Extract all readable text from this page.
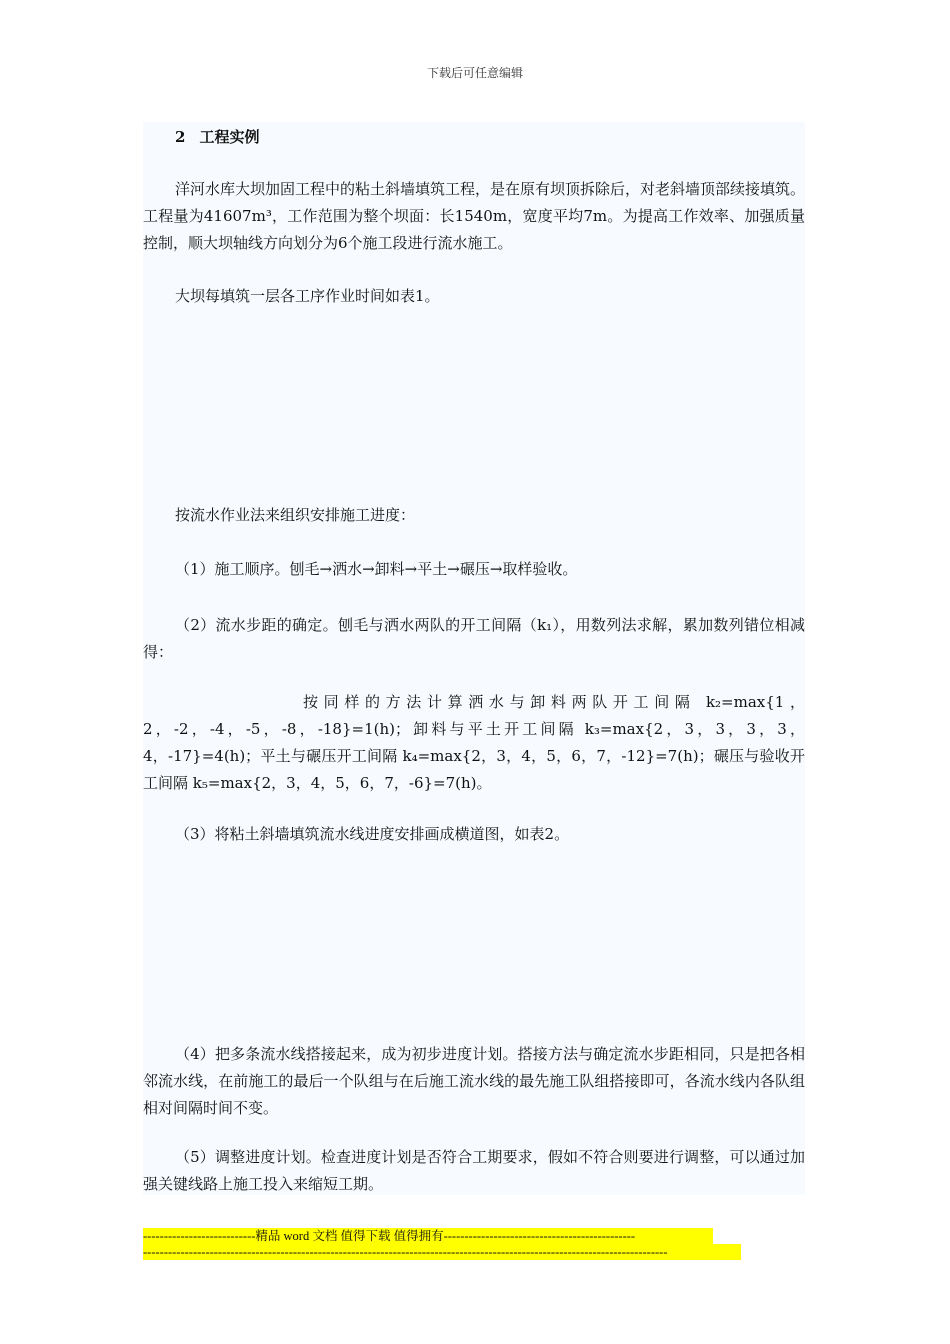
下载后可任意编辑
2 工程实例

洋河水库大坝加固工程中的粘土斜墙填筑工程，是在原有坝顶拆除后，对老斜墙顶部续接填筑。工程量为41607m³，工作范围为整个坝面：长1540m，宽度平均7m。为提高工作效率、加强质量控制，顺大坝轴线方向划分为6个施工段进行流水施工。

大坝每填筑一层各工序作业时间如表1。

按流水作业法来组织安排施工进度：

（1）施工顺序。刨毛→洒水→卸料→平土→碾压→取样验收。

（2）流水步距的确定。刨毛与洒水两队的开工间隔（k₁），用数列法求解，累加数列错位相减得：

按同样的方法计算洒水与卸料两队开工间隔 k₂=max{1，2，-2，-4，-5，-8，-18}=1(h)；卸料与平土开工间隔 k₃=max{2，3，3，3，3，4，-17}=4(h)；平土与碾压开工间隔 k₄=max{2，3，4，5，6，7，-12}=7(h)；碾压与验收开工间隔 k₅=max{2，3，4，5，6，7，-6}=7(h)。

（3）将粘土斜墙填筑流水线进度安排画成横道图，如表2。

（4）把多条流水线搭接起来，成为初步进度计划。搭接方法与确定流水步距相同，只是把各相邻流水线，在前施工的最后一个队组与在后施工流水线的最先施工队组搭接即可，各流水线内各队组相对间隔时间不变。

（5）调整进度计划。检查进度计划是否符合工期要求，假如不符合则要进行调整，可以通过加强关键线路上施工投入来缩短工期。

---------------------------精品 word 文档 值得下载 值得拥有----------------------------------------------
------------------------------------------------------------------------------------------------------------------------------
